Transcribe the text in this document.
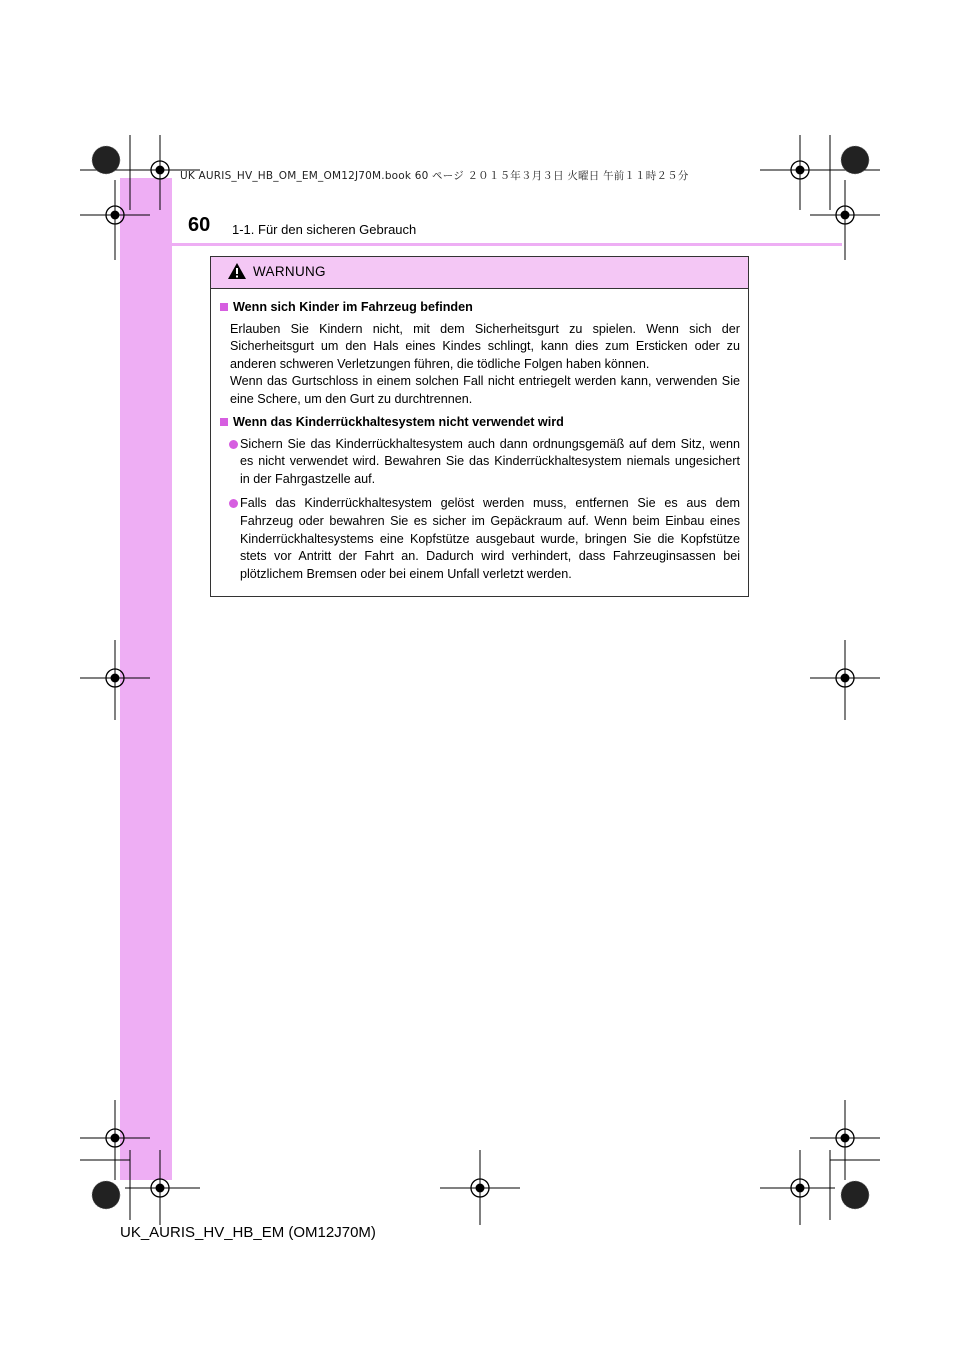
UK AURIS_HV_HB_OM_EM_OM12J70M.book 60 ページ ２０１５年３月３日 火曜日 午前１１時２５分
60 1-1. Für den sicheren Gebrauch
WARNUNG
Wenn sich Kinder im Fahrzeug befinden

Erlauben Sie Kindern nicht, mit dem Sicherheitsgurt zu spielen. Wenn sich der Sicherheitsgurt um den Hals eines Kindes schlingt, kann dies zum Ersticken oder zu anderen schweren Verletzungen führen, die tödliche Folgen haben können.

Wenn das Gurtschloss in einem solchen Fall nicht entriegelt werden kann, verwenden Sie eine Schere, um den Gurt zu durchtrennen.

Wenn das Kinderrückhaltesystem nicht verwendet wird
Sichern Sie das Kinderrückhaltesystem auch dann ordnungsgemäß auf dem Sitz, wenn es nicht verwendet wird. Bewahren Sie das Kinderrückhaltesystem niemals ungesichert in der Fahrgastzelle auf.
Falls das Kinderrückhaltesystem gelöst werden muss, entfernen Sie es aus dem Fahrzeug oder bewahren Sie es sicher im Gepäckraum auf. Wenn beim Einbau eines Kinderrückhaltesystems eine Kopfstütze ausgebaut wurde, bringen Sie die Kopfstütze stets vor Antritt der Fahrt an. Dadurch wird verhindert, dass Fahrzeuginsassen bei plötzlichem Bremsen oder bei einem Unfall verletzt werden.
UK_AURIS_HV_HB_EM (OM12J70M)
